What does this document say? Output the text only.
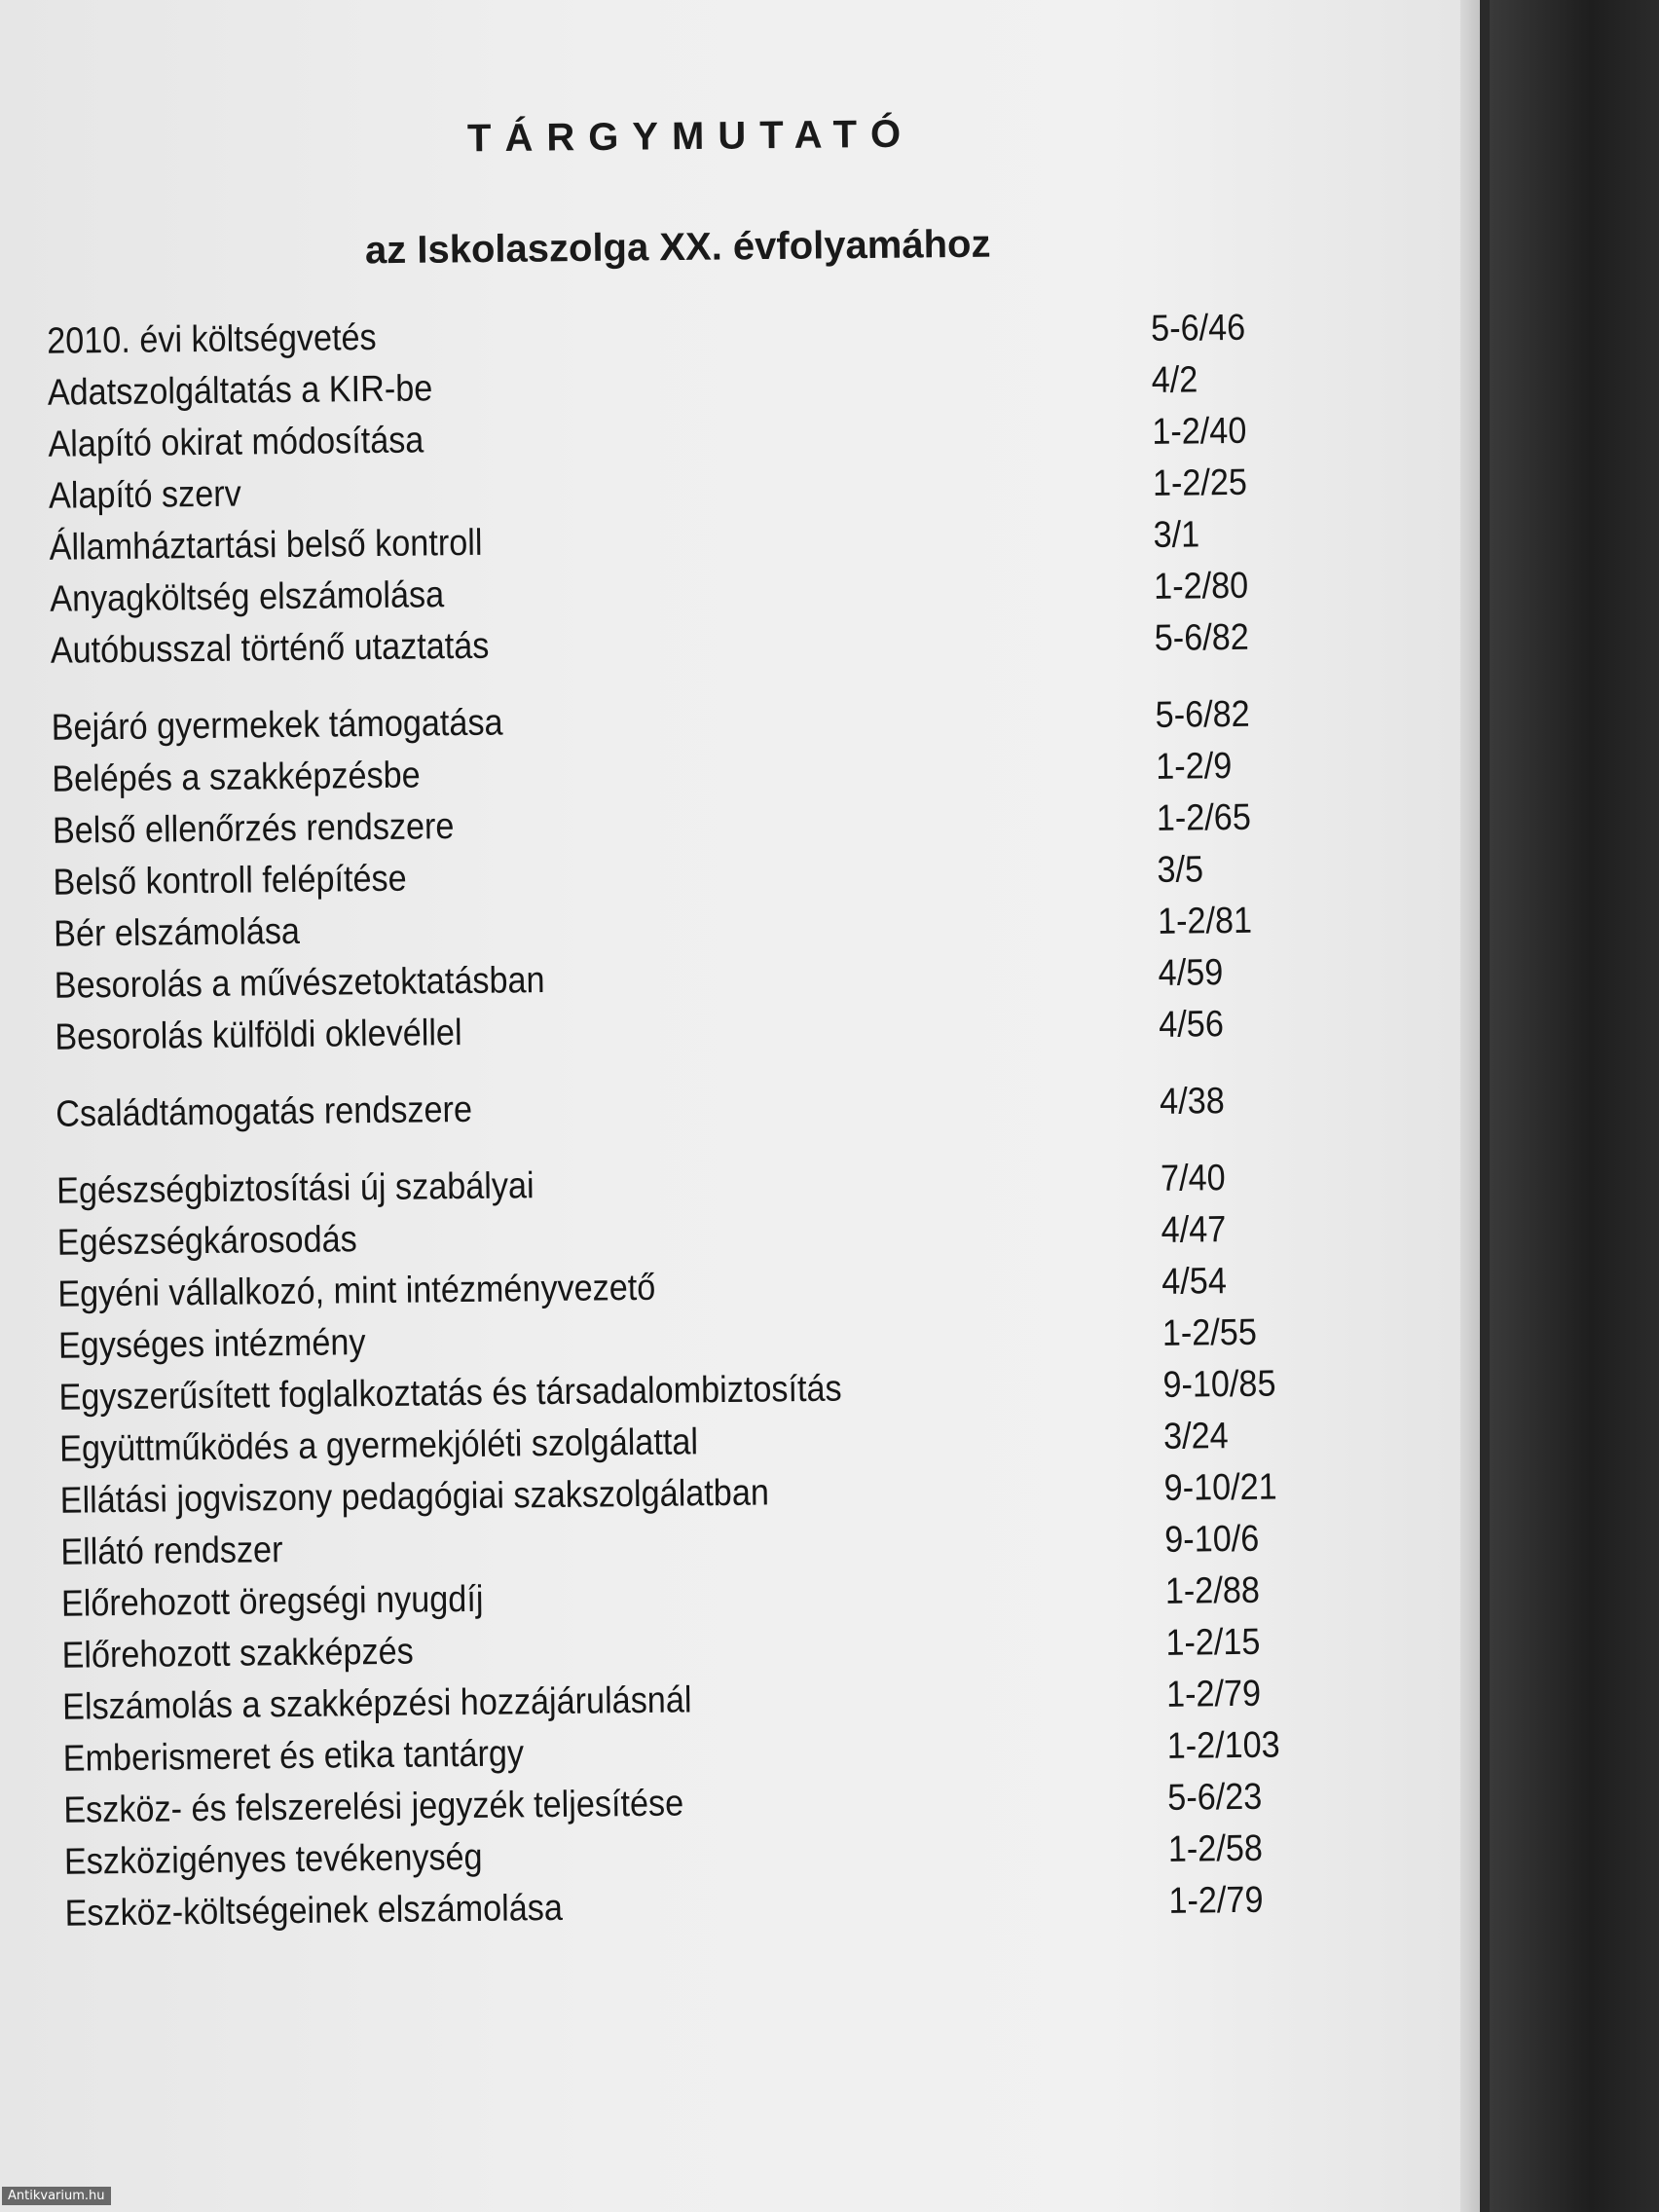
TÁRGYMUTATÓ
az Iskolaszolga XX. évfolyamához
2010. évi költségvetés	5-6/46
Adatszolgáltatás a KIR-be	4/2
Alapító okirat módosítása	1-2/40
Alapító szerv	1-2/25
Államháztartási belső kontroll	3/1
Anyagköltség elszámolása	1-2/80
Autóbusszal történő utaztatás	5-6/82
Bejáró gyermekek támogatása	5-6/82
Belépés a szakképzésbe	1-2/9
Belső ellenőrzés rendszere	1-2/65
Belső kontroll felépítése	3/5
Bér elszámolása	1-2/81
Besorolás a művészetoktatásban	4/59
Besorolás külföldi oklevéllel	4/56
Családtámogatás rendszere	4/38
Egészségbiztosítási új szabályai	7/40
Egészségkárosodás	4/47
Egyéni vállalkozó, mint intézményvezető	4/54
Egységes intézmény	1-2/55
Egyszerűsített foglalkoztatás és társadalombiztosítás	9-10/85
Együttműködés a gyermekjóléti szolgálattal	3/24
Ellátási jogviszony pedagógiai szakszolgálatban	9-10/21
Ellátó rendszer	9-10/6
Előrehozott öregségi nyugdíj	1-2/88
Előrehozott szakképzés	1-2/15
Elszámolás a szakképzési hozzájárulásnál	1-2/79
Emberismeret és etika tantárgy	1-2/103
Eszköz- és felszerelési jegyzék teljesítése	5-6/23
Eszközigényes tevékenység	1-2/58
Eszköz-költségeinek elszámolása	1-2/79
Antikvarium.hu
